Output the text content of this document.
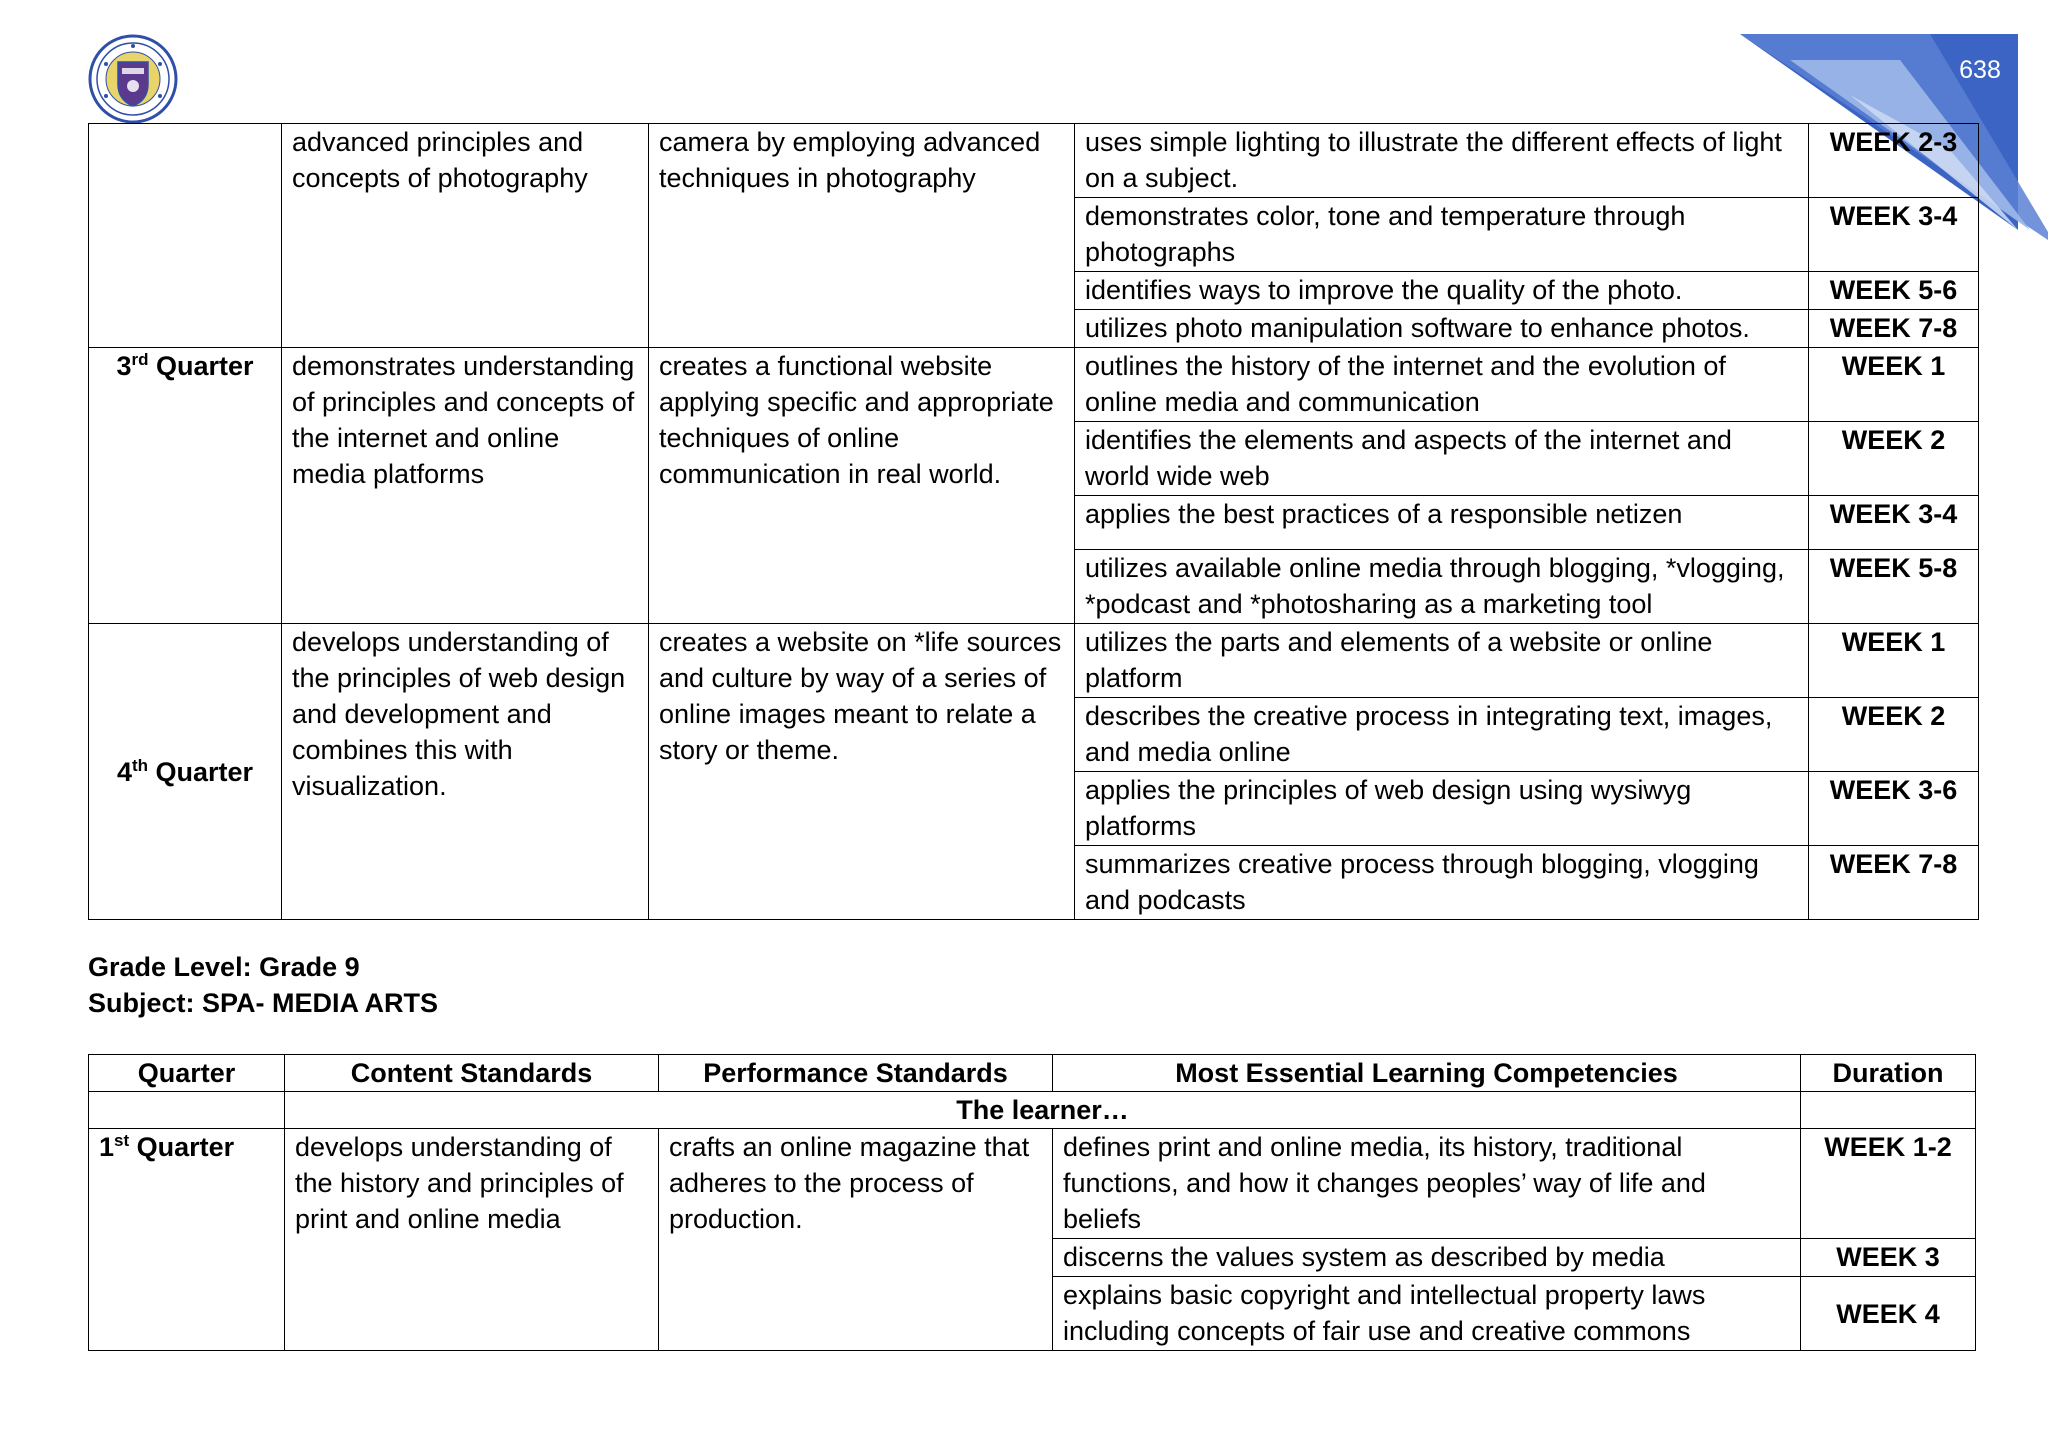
638
	advanced principles and concepts of photography	camera by employing advanced techniques in photography	uses simple lighting to illustrate the different effects of light on a subject.	WEEK 2-3
			demonstrates color, tone and temperature through photographs	WEEK 3-4
			identifies ways to improve the quality of the photo.	WEEK 5-6
			utilizes photo manipulation software to enhance photos.	WEEK 7-8
3rd Quarter	demonstrates understanding of principles and concepts of the internet and online media platforms	creates a functional website applying specific and appropriate techniques of online communication in real world.	outlines the history of the internet and the evolution of online media and communication	WEEK 1
			identifies the elements and aspects of the internet and world wide web	WEEK 2
			applies the best practices of a responsible netizen	WEEK 3-4
			utilizes available online media through blogging, *vlogging, *podcast and *photosharing as a marketing tool	WEEK 5-8
4th Quarter	develops understanding of the principles of web design and development and combines this with visualization.	creates a website on *life sources and culture by way of a series of online images meant to relate a story or theme.	utilizes the parts and elements of a website or online platform	WEEK 1
			describes the creative process in integrating text, images, and media online	WEEK 2
			applies the principles of web design using wysiwyg platforms	WEEK 3-6
			summarizes creative process through blogging, vlogging and podcasts	WEEK 7-8
Grade Level: Grade 9
Subject: SPA- MEDIA ARTS
Quarter	Content Standards	Performance Standards	Most Essential Learning Competencies	Duration
	The learner…			
1st Quarter	develops understanding of the history and principles of print and online media	crafts an online magazine that adheres to the process of production.	defines print and online media, its history, traditional functions, and how it changes peoples’ way of life and beliefs	WEEK 1-2
			discerns the values system as described by media	WEEK 3
			explains basic copyright and intellectual property laws including concepts of fair use and creative commons	WEEK 4
